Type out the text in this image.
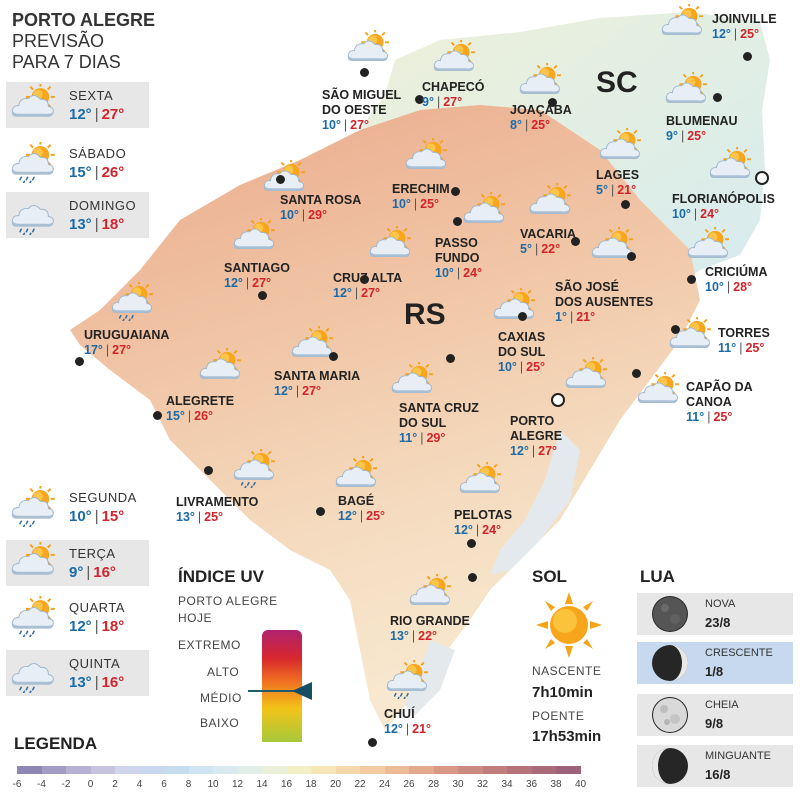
PORTO ALEGRE
PREVISÃO
PARA 7 DIAS
SEXTA
12° | 27°
SÁBADO
15° | 26°
DOMINGO
13° | 18°
SEGUNDA
10° | 15°
TERÇA
9° | 16°
QUARTA
12° | 18°
QUINTA
13° | 16°
SC
RS
JOINVILLE
12° | 25°
CHAPECÓ
9° | 27°
SÃO MIGUEL
DO OESTE
10° | 27°
JOAÇABA
8° | 25°	BLUMENAU
9° | 25°
LAGES
5° | 21°
FLORIANÓPOLIS
10° | 24°
ERECHIM
10° | 25°
SANTA ROSA
10° | 29°
VACARIA
5° | 22°
PASSO
FUNDO
10° | 24°
SANTIAGO
12° | 27°	CRUZ ALTA
12° | 27°	SÃO JOSÉ
DOS AUSENTES
1° | 21°
CRICIÚMA
10° | 28°
URUGUAIANA
17° | 27°
TORRES
11° | 25°
CAXIAS
DO SUL
10° | 25°
SANTA MARIA
12° | 27°
ALEGRETE
15° | 26°
CAPÃO DA
CANOA
11° | 25°
SANTA CRUZ
DO SUL
11° | 29°
PORTO
ALEGRE
12° | 27°
LIVRAMENTO
13° | 25°
BAGÉ
12° | 25°	PELOTAS
12° | 24°
RIO GRANDE
13° | 22°
CHUÍ
12° | 21°
ÍNDICE UV
PORTO ALEGRE
HOJE
EXTREMO
ALTO
MÉDIO
BAIXO
SOL
NASCENTE
7h10min
POENTE
17h53min
LUA
NOVA
23/8
CRESCENTE
1/8
CHEIA
9/8
MINGUANTE
16/8
LEGENDA
-6	-4	-2	0	2	4	6	8	10	12	14	16	18	20	22	24	26	28	30	32	34	36	38	40
